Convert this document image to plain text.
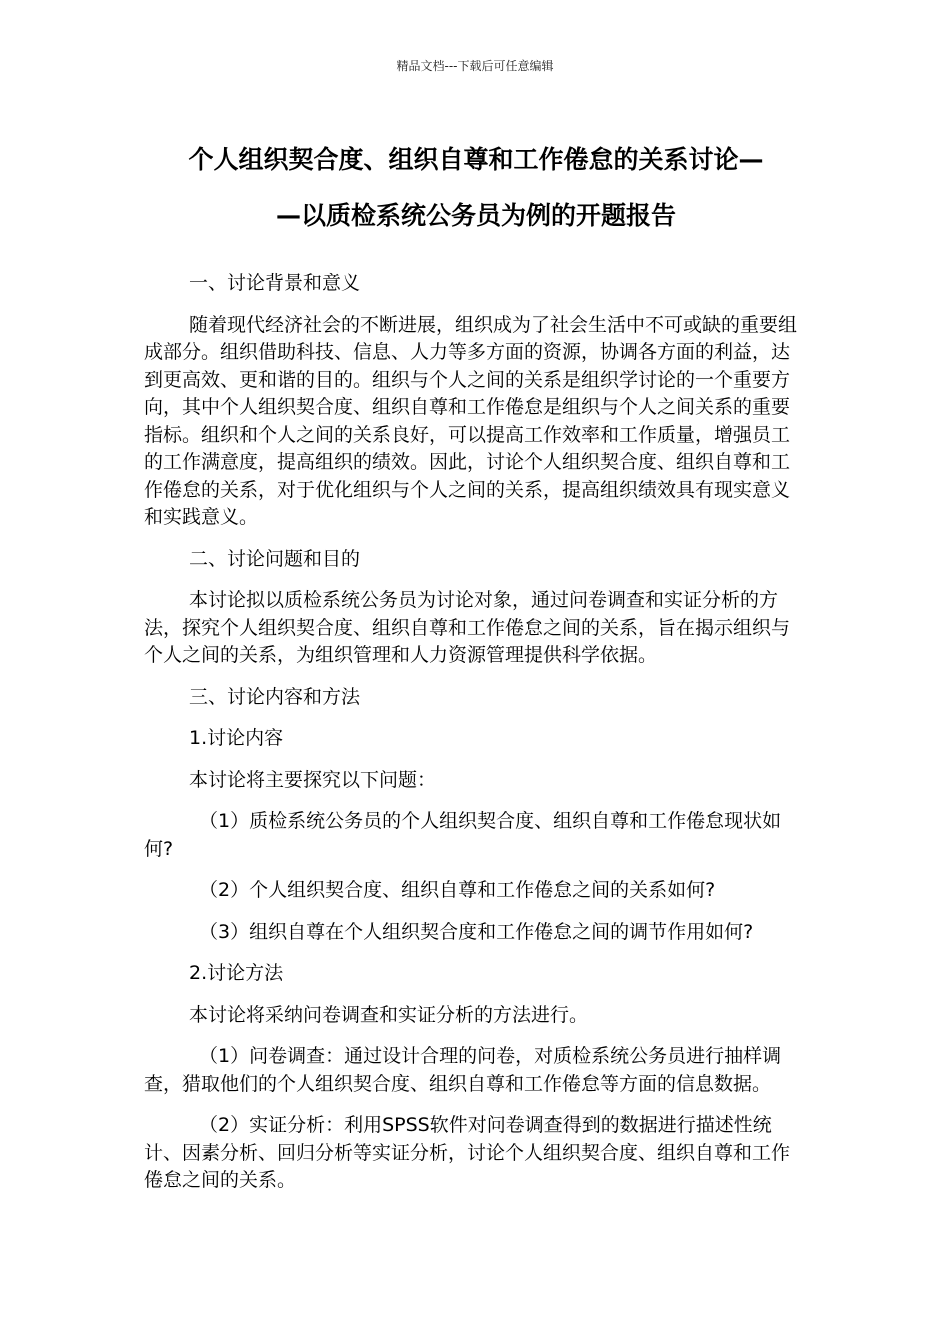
精品文档---下载后可任意编辑
个人组织契合度、组织自尊和工作倦怠的关系讨论—
—以质检系统公务员为例的开题报告

一、讨论背景和意义

随着现代经济社会的不断进展，组织成为了社会生活中不可或缺的重要组成部分。组织借助科技、信息、人力等多方面的资源，协调各方面的利益，达到更高效、更和谐的目的。组织与个人之间的关系是组织学讨论的一个重要方向，其中个人组织契合度、组织自尊和工作倦怠是组织与个人之间关系的重要指标。组织和个人之间的关系良好，可以提高工作效率和工作质量，增强员工的工作满意度，提高组织的绩效。因此，讨论个人组织契合度、组织自尊和工作倦怠的关系，对于优化组织与个人之间的关系，提高组织绩效具有现实意义和实践意义。

二、讨论问题和目的

本讨论拟以质检系统公务员为讨论对象，通过问卷调查和实证分析的方法，探究个人组织契合度、组织自尊和工作倦怠之间的关系，旨在揭示组织与个人之间的关系，为组织管理和人力资源管理提供科学依据。

三、讨论内容和方法

1.讨论内容

本讨论将主要探究以下问题：

（1）质检系统公务员的个人组织契合度、组织自尊和工作倦怠现状如何?

（2）个人组织契合度、组织自尊和工作倦怠之间的关系如何?

（3）组织自尊在个人组织契合度和工作倦怠之间的调节作用如何?

2.讨论方法

本讨论将采纳问卷调查和实证分析的方法进行。

（1）问卷调查：通过设计合理的问卷，对质检系统公务员进行抽样调查，猎取他们的个人组织契合度、组织自尊和工作倦怠等方面的信息数据。

（2）实证分析：利用SPSS软件对问卷调查得到的数据进行描述性统计、因素分析、回归分析等实证分析，讨论个人组织契合度、组织自尊和工作倦怠之间的关系。
